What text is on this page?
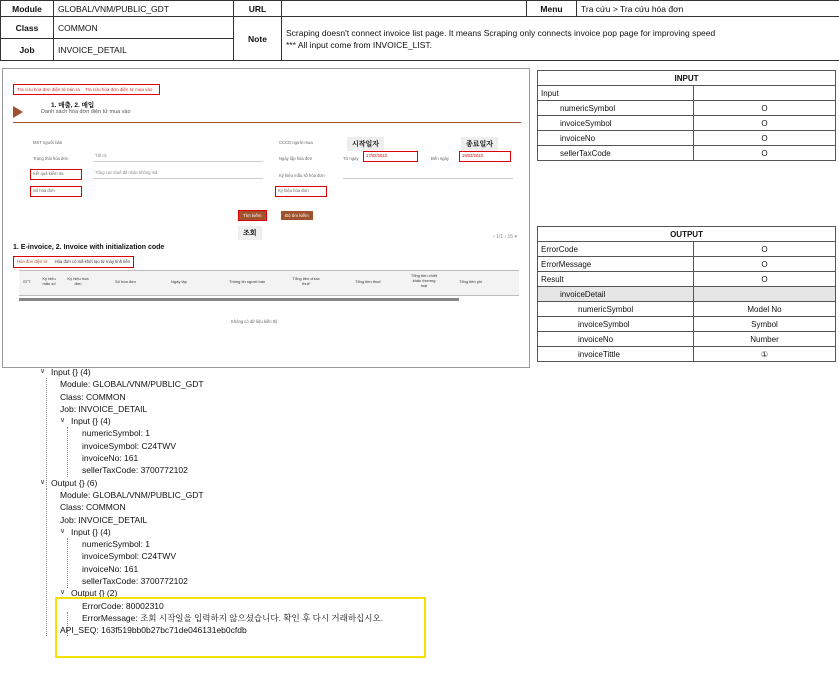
Module	GLOBAL/VNM/PUBLIC_GDT	URL		Menu	Tra cứu > Tra cứu hóa đơn
Class	COMMON	Note	Scraping doesn't connect invoice list page. It means Scraping only connects invoice pop page for improving speed
*** All input come from INVOICE_LIST.		

Job	INVOICE_DETAIL				
Tra cứu hóa đơn điện tử bán ra Tra cứu hóa đơn điện tử mua vào
1. 매출, 2. 매입
Danh sách hóa đơn điện tử mua vào
MST người bán	CCCD người mua	시작일자	종료일자
Trạng thái hóa đơn
Tất cả
Ngày lập hóa đơn	Từ ngày
17/02/2023
Đến ngày
19/03/2023
Kết quả kiểm tra	Tổng cục thuế đã nhận không mã
Ký hiệu mẫu số hóa đơn
Số hóa đơn	Ký hiệu hóa đơn
Tìm kiếm	Bỏ tìm kiếm
조회
1. E-invoice, 2. Invoice with initialization code
‹ 1/1 › 15 ▾
Hóa đơn điện tử Hóa đơn có mã khởi tạo từ máy tính tiền
STT
Ký hiệu mẫu số
Ký hiệu hóa đơn	Số hóa đơn	Ngày lập	Thông tin người bán
Tổng tiền chưa thuế	Tổng tiền thuế
Tổng tiền chiết khấu thương mại
Tổng tiền phí
Không có dữ liệu kiến thị
INPUT	
Input	
numericSymbol	O
invoiceSymbol	O
invoiceNo	O
sellerTaxCode	O
OUTPUT	
ErrorCode	O
ErrorMessage	O
Result	O
invoiceDetail	
numericSymbol	Model No
invoiceSymbol	Symbol
invoiceNo	Number
invoiceTittle	①
∨ Input {} (4)
Module: GLOBAL/VNM/PUBLIC_GDT
Class: COMMON
Job: INVOICE_DETAIL
∨ Input {} (4)
numericSymbol: 1
invoiceSymbol: C24TWV
invoiceNo: 161
sellerTaxCode: 3700772102
∨ Output {} (6)
Module: GLOBAL/VNM/PUBLIC_GDT
Class: COMMON
Job: INVOICE_DETAIL
∨ Input {} (4)
numericSymbol: 1
invoiceSymbol: C24TWV
invoiceNo: 161
sellerTaxCode: 3700772102
∨ Output {} (2)
ErrorCode: 80002310
ErrorMessage: 조회 시작일을 입력하지 않으셨습니다. 확인 후 다시 거래하십시오.
API_SEQ: 163f519bb0b27bc71de046131eb0cfdb
